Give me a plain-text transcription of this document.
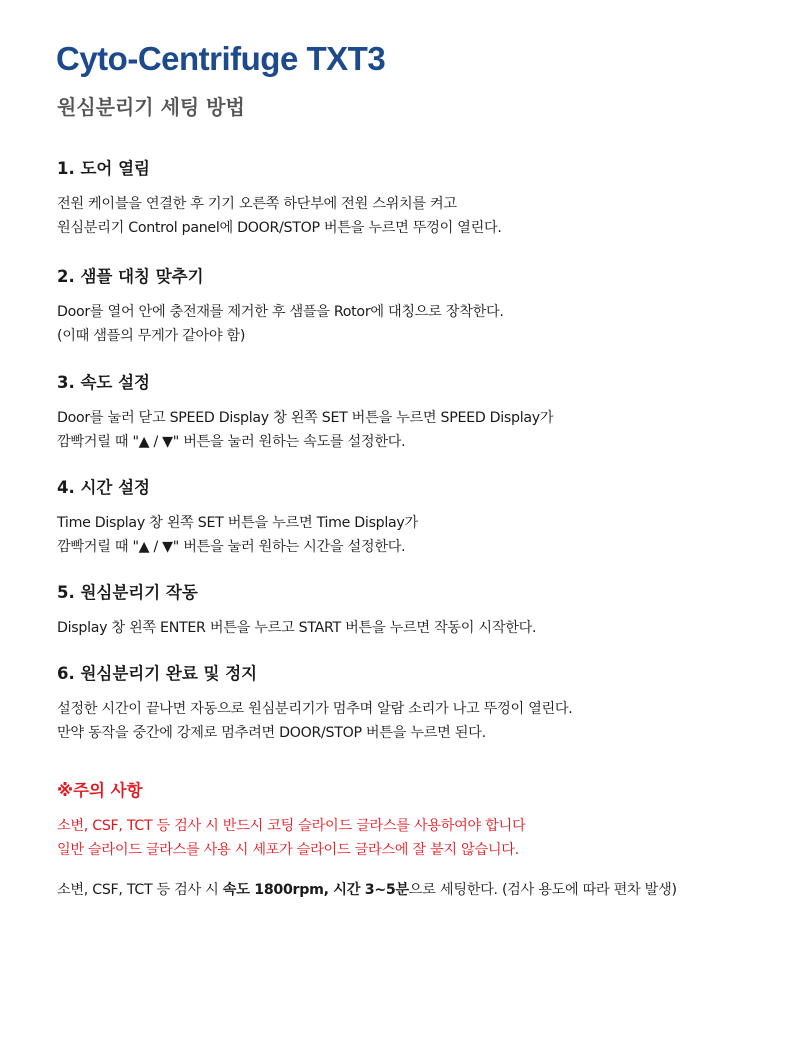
Cyto-Centrifuge TXT3
원심분리기 세팅 방법
1. 도어 열림

전원 케이블을 연결한 후 기기 오른쪽 하단부에 전원 스위치를 켜고

원심분리기 Control panel에 DOOR/STOP 버튼을 누르면 뚜껑이 열린다.

2. 샘플 대칭 맞추기

Door를 열어 안에 충전재를 제거한 후 샘플을 Rotor에 대칭으로 장착한다.

(이때 샘플의 무게가 같아야 함)

3. 속도 설정

Door를 눌러 닫고 SPEED Display 창 왼쪽 SET 버튼을 누르면 SPEED Display가

깜빡거릴 때 "▲ / ▼" 버튼을 눌러 원하는 속도를 설정한다.

4. 시간 설정

Time Display 창 왼쪽 SET 버튼을 누르면 Time Display가

깜빡거릴 때 "▲ / ▼" 버튼을 눌러 원하는 시간을 설정한다.

5. 원심분리기 작동

Display 창 왼쪽 ENTER 버튼을 누르고 START 버튼을 누르면 작동이 시작한다.

6. 원심분리기 완료 및 정지

설정한 시간이 끝나면 자동으로 원심분리기가 멈추며 알람 소리가 나고 뚜껑이 열린다.

만약 동작을 중간에 강제로 멈추려면 DOOR/STOP 버튼을 누르면 된다.

※주의 사항

소변, CSF, TCT 등 검사 시 반드시 코팅 슬라이드 글라스를 사용하여야 합니다

일반 슬라이드 글라스를 사용 시 세포가 슬라이드 글라스에 잘 붙지 않습니다.

소변, CSF, TCT 등 검사 시 속도 1800rpm, 시간 3~5분으로 세팅한다. (검사 용도에 따라 편차 발생)
